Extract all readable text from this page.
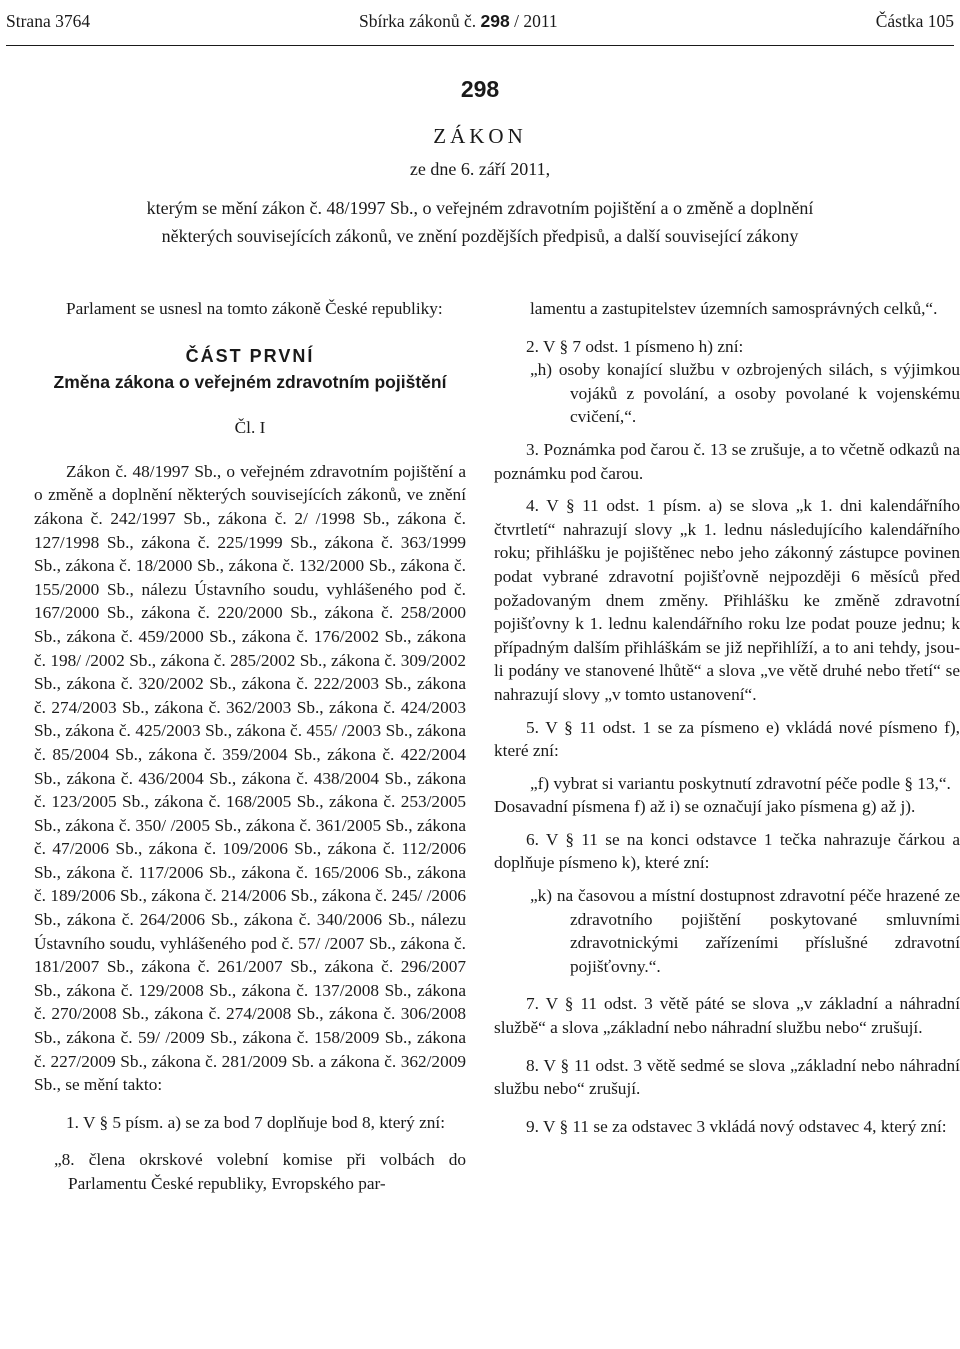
Strana 3764	Sbírka zákonů č. 298 / 2011	Částka 105
298
ZÁKON
ze dne 6. září 2011,
kterým se mění zákon č. 48/1997 Sb., o veřejném zdravotním pojištění a o změně a doplnění
některých souvisejících zákonů, ve znění pozdějších předpisů, a další související zákony

Parlament se usnesl na tomto zákoně České republiky:

ČÁST PRVNÍ

Změna zákona o veřejném zdravotním pojištění

Čl. I

Zákon č. 48/1997 Sb., o veřejném zdravotním pojištění a o změně a doplnění některých souvisejících zákonů, ve znění zákona č. 242/1997 Sb., zákona č. 2/ /1998 Sb., zákona č. 127/1998 Sb., zákona č. 225/1999 Sb., zákona č. 363/1999 Sb., zákona č. 18/2000 Sb., zákona č. 132/2000 Sb., zákona č. 155/2000 Sb., nálezu Ústavního soudu, vyhlášeného pod č. 167/2000 Sb., zákona č. 220/2000 Sb., zákona č. 258/2000 Sb., zákona č. 459/2000 Sb., zákona č. 176/2002 Sb., zákona č. 198/ /2002 Sb., zákona č. 285/2002 Sb., zákona č. 309/2002 Sb., zákona č. 320/2002 Sb., zákona č. 222/2003 Sb., zákona č. 274/2003 Sb., zákona č. 362/2003 Sb., zákona č. 424/2003 Sb., zákona č. 425/2003 Sb., zákona č. 455/ /2003 Sb., zákona č. 85/2004 Sb., zákona č. 359/2004 Sb., zákona č. 422/2004 Sb., zákona č. 436/2004 Sb., zákona č. 438/2004 Sb., zákona č. 123/2005 Sb., zákona č. 168/2005 Sb., zákona č. 253/2005 Sb., zákona č. 350/ /2005 Sb., zákona č. 361/2005 Sb., zákona č. 47/2006 Sb., zákona č. 109/2006 Sb., zákona č. 112/2006 Sb., zákona č. 117/2006 Sb., zákona č. 165/2006 Sb., zákona č. 189/2006 Sb., zákona č. 214/2006 Sb., zákona č. 245/ /2006 Sb., zákona č. 264/2006 Sb., zákona č. 340/2006 Sb., nálezu Ústavního soudu, vyhlášeného pod č. 57/ /2007 Sb., zákona č. 181/2007 Sb., zákona č. 261/2007 Sb., zákona č. 296/2007 Sb., zákona č. 129/2008 Sb., zákona č. 137/2008 Sb., zákona č. 270/2008 Sb., zákona č. 274/2008 Sb., zákona č. 306/2008 Sb., zákona č. 59/ /2009 Sb., zákona č. 158/2009 Sb., zákona č. 227/2009 Sb., zákona č. 281/2009 Sb. a zákona č. 362/2009 Sb., se mění takto:

1. V § 5 písm. a) se za bod 7 doplňuje bod 8, který zní:

„8. člena okrskové volební komise při volbách do Parlamentu České republiky, Evropského par-

lamentu a zastupitelstev územních samosprávných celků,“.

2. V § 7 odst. 1 písmeno h) zní:

„h) osoby konající službu v ozbrojených silách, s výjimkou vojáků z povolání, a osoby povolané k vojenskému cvičení,“.

3. Poznámka pod čarou č. 13 se zrušuje, a to včetně odkazů na poznámku pod čarou.

4. V § 11 odst. 1 písm. a) se slova „k 1. dni kalendářního čtvrtletí“ nahrazují slovy „k 1. lednu následujícího kalendářního roku; přihlášku je pojištěnec nebo jeho zákonný zástupce povinen podat vybrané zdravotní pojišťovně nejpozději 6 měsíců před požadovaným dnem změny. Přihlášku ke změně zdravotní pojišťovny k 1. lednu kalendářního roku lze podat pouze jednu; k případným dalším přihláškám se již nepřihlíží, a to ani tehdy, jsou-li podány ve stanovené lhůtě“ a slova „ve větě druhé nebo třetí“ se nahrazují slovy „v tomto ustanovení“.

5. V § 11 odst. 1 se za písmeno e) vkládá nové písmeno f), které zní:

„f) vybrat si variantu poskytnutí zdravotní péče podle § 13,“.

Dosavadní písmena f) až i) se označují jako písmena g) až j).

6. V § 11 se na konci odstavce 1 tečka nahrazuje čárkou a doplňuje písmeno k), které zní:

„k) na časovou a místní dostupnost zdravotní péče hrazené ze zdravotního pojištění poskytované smluvními zdravotnickými zařízeními příslušné zdravotní pojišťovny.“.

7. V § 11 odst. 3 větě páté se slova „v základní a náhradní službě“ a slova „základní nebo náhradní službu nebo“ zrušují.

8. V § 11 odst. 3 větě sedmé se slova „základní nebo náhradní službu nebo“ zrušují.

9. V § 11 se za odstavec 3 vkládá nový odstavec 4, který zní:
